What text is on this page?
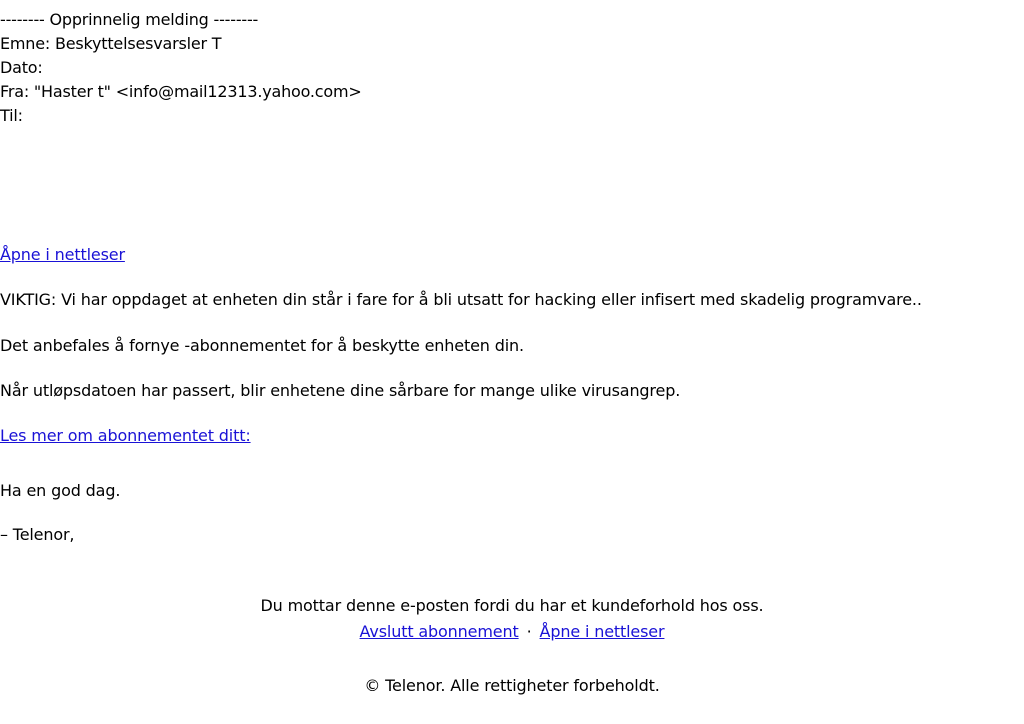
-------- Opprinnelig melding --------
Emne: Beskyttelsesvarsler T
Dato:
Fra: "Haster t" <info@mail12313.yahoo.com>
Til:
Åpne i nettleser
VIKTIG: Vi har oppdaget at enheten din står i fare for å bli utsatt for hacking eller infisert med skadelig programvare..
Det anbefales å fornye -abonnementet for å beskytte enheten din.
Når utløpsdatoen har passert, blir enhetene dine sårbare for mange ulike virusangrep.
Les mer om abonnementet ditt:
Ha en god dag.
– Telenor,
Du mottar denne e-posten fordi du har et kundeforhold hos oss.
Avslutt abonnement · Åpne i nettleser
© Telenor. Alle rettigheter forbeholdt.
